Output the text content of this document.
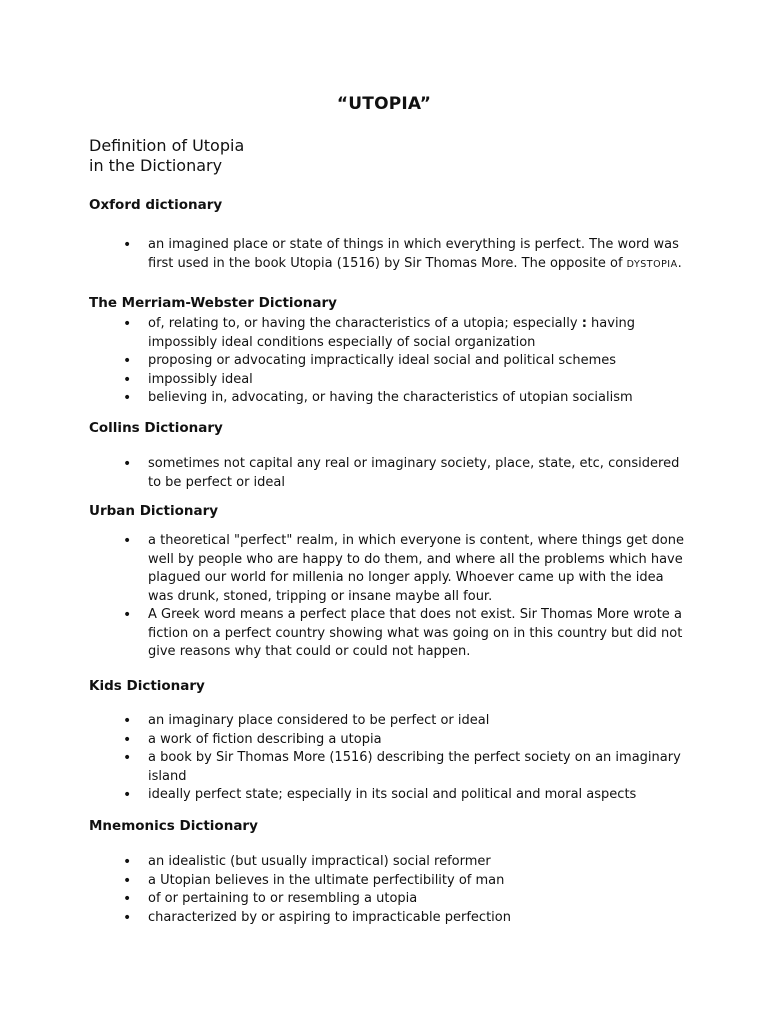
“UTOPIA”
Definition of Utopia
in the Dictionary
Oxford dictionary
• an imagined place or state of things in which everything is perfect. The word was first used in the book Utopia (1516) by Sir Thomas More. The opposite of DYSTOPIA.
The Merriam-Webster Dictionary
• of, relating to, or having the characteristics of a utopia; especially : having impossibly ideal conditions especially of social organization
• proposing or advocating impractically ideal social and political schemes
• impossibly ideal
• believing in, advocating, or having the characteristics of utopian socialism
Collins Dictionary
• sometimes not capital any real or imaginary society, place, state, etc, considered to be perfect or ideal
Urban Dictionary
• a theoretical "perfect" realm, in which everyone is content, where things get done well by people who are happy to do them, and where all the problems which have plagued our world for millenia no longer apply. Whoever came up with the idea was drunk, stoned, tripping or insane maybe all four.
• A Greek word means a perfect place that does not exist. Sir Thomas More wrote a fiction on a perfect country showing what was going on in this country but did not give reasons why that could or could not happen.
Kids Dictionary
• an imaginary place considered to be perfect or ideal
• a work of fiction describing a utopia
• a book by Sir Thomas More (1516) describing the perfect society on an imaginary island
• ideally perfect state; especially in its social and political and moral aspects
Mnemonics Dictionary
• an idealistic (but usually impractical) social reformer
• a Utopian believes in the ultimate perfectibility of man
• of or pertaining to or resembling a utopia
• characterized by or aspiring to impracticable perfection
